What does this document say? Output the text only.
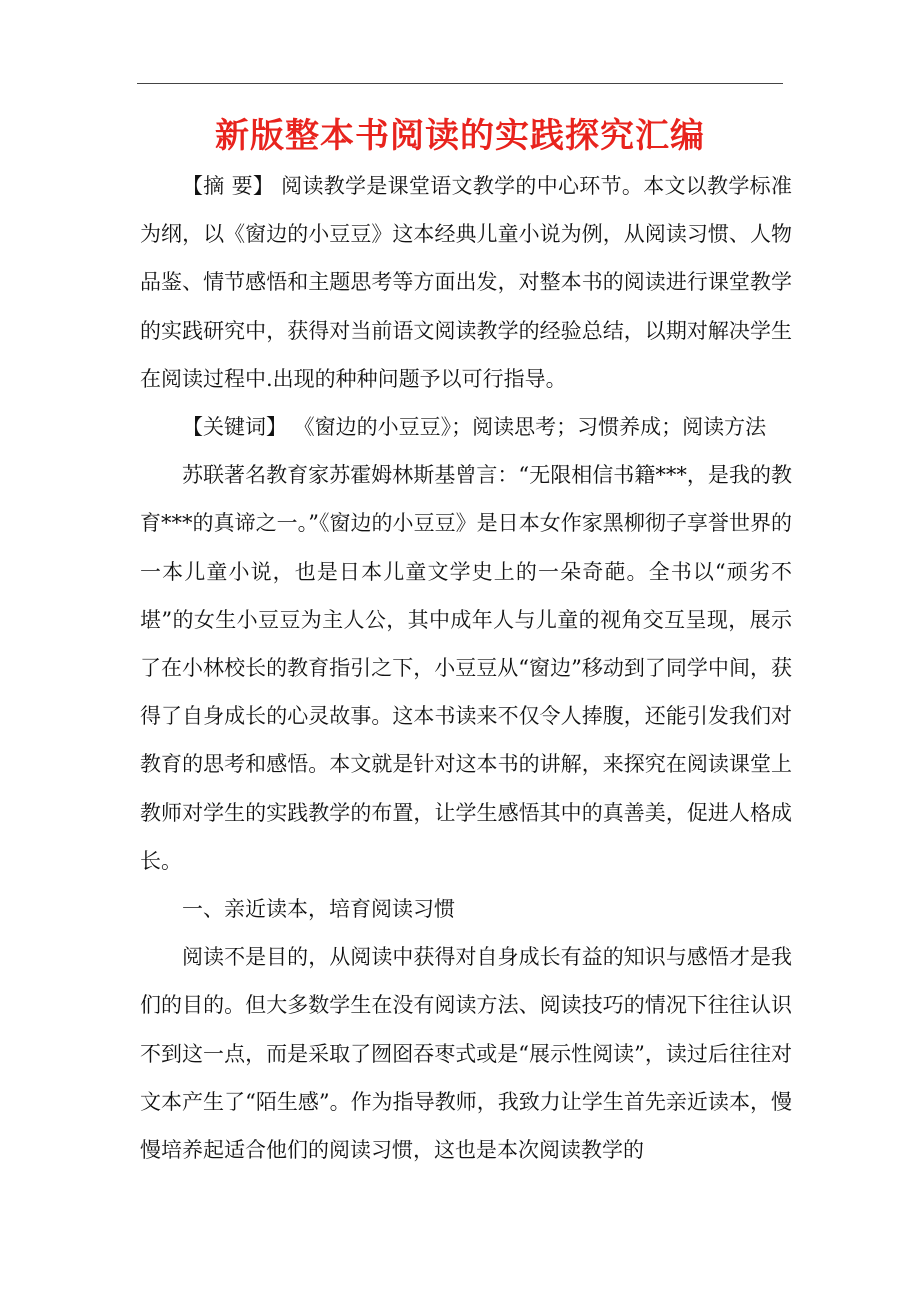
新版整本书阅读的实践探究汇编

【摘 要】 阅读教学是课堂语文教学的中心环节。本文以教学标准为纲，以《窗边的小豆豆》这本经典儿童小说为例，从阅读习惯、人物品鉴、情节感悟和主题思考等方面出发，对整本书的阅读进行课堂教学的实践研究中，获得对当前语文阅读教学的经验总结，以期对解决学生在阅读过程中.出现的种种问题予以可行指导。

【关键词】 《窗边的小豆豆》；阅读思考；习惯养成；阅读方法

苏联著名教育家苏霍姆林斯基曾言：“无限相信书籍***，是我的教育***的真谛之一。”《窗边的小豆豆》是日本女作家黑柳彻子享誉世界的一本儿童小说，也是日本儿童文学史上的一朵奇葩。全书以“顽劣不堪”的女生小豆豆为主人公，其中成年人与儿童的视角交互呈现，展示了在小林校长的教育指引之下，小豆豆从“窗边”移动到了同学中间，获得了自身成长的心灵故事。这本书读来不仅令人捧腹，还能引发我们对教育的思考和感悟。本文就是针对这本书的讲解，来探究在阅读课堂上教师对学生的实践教学的布置，让学生感悟其中的真善美，促进人格成长。

一、亲近读本，培育阅读习惯

阅读不是目的，从阅读中获得对自身成长有益的知识与感悟才是我们的目的。但大多数学生在没有阅读方法、阅读技巧的情况下往往认识不到这一点，而是采取了囫囵吞枣式或是“展示性阅读”，读过后往往对文本产生了“陌生感”。作为指导教师，我致力让学生首先亲近读本，慢慢培养起适合他们的阅读习惯，这也是本次阅读教学的
